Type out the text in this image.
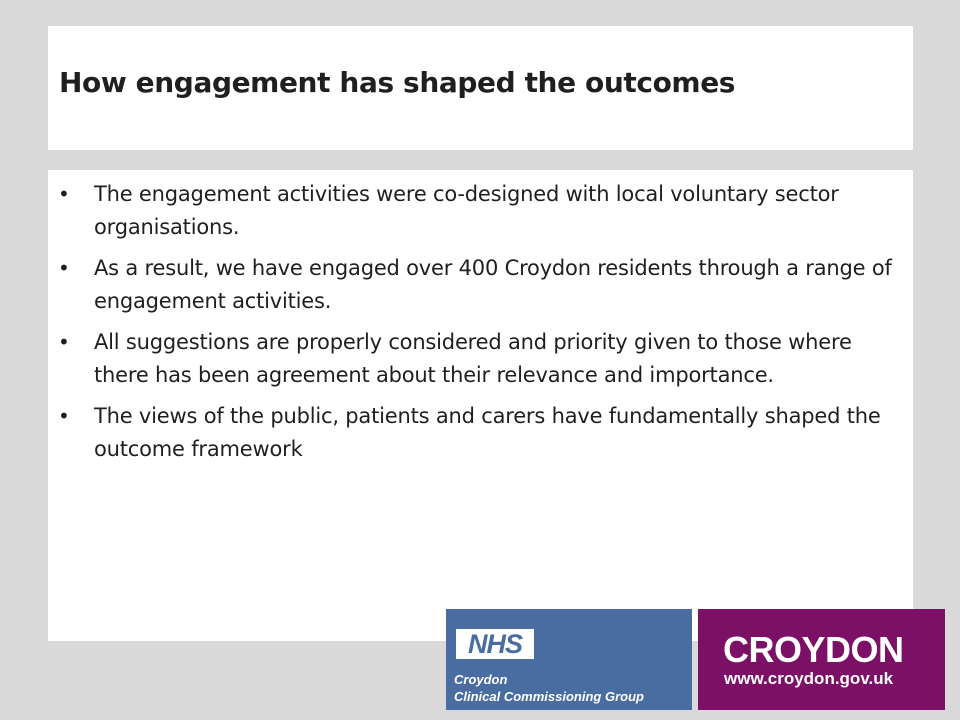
How engagement has shaped the outcomes
• The engagement activities were co-designed with local voluntary sector organisations.
• As a result, we have engaged over 400 Croydon residents through a range of engagement activities.
• All suggestions are properly considered and priority given to those where there has been agreement about their relevance and importance.
• The views of the public, patients and carers have fundamentally shaped the outcome framework
NHS
Croydon
Clinical Commissioning Group
CROYDON
www.croydon.gov.uk
